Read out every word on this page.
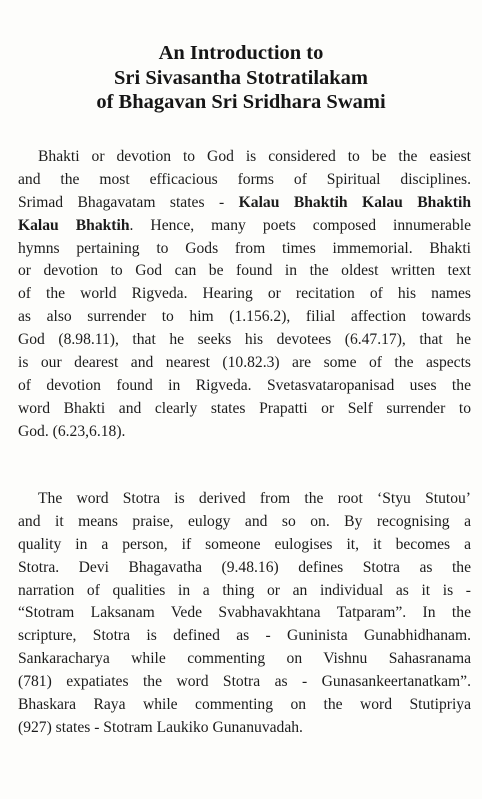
An Introduction to
Sri Sivasantha Stotratilakam
of Bhagavan Sri Sridhara Swami
Bhakti or devotion to God is considered to be the easiest
and the most efficacious forms of Spiritual disciplines.
Srimad Bhagavatam states - Kalau Bhaktih Kalau Bhaktih
Kalau Bhaktih. Hence, many poets composed innumerable
hymns pertaining to Gods from times immemorial. Bhakti
or devotion to God can be found in the oldest written text
of the world Rigveda. Hearing or recitation of his names
as also surrender to him (1.156.2), filial affection towards
God (8.98.11), that he seeks his devotees (6.47.17), that he
is our dearest and nearest (10.82.3) are some of the aspects
of devotion found in Rigveda. Svetasvataropanisad uses the
word Bhakti and clearly states Prapatti or Self surrender to
God. (6.23,6.18).
The word Stotra is derived from the root ‘Styu Stutou’
and it means praise, eulogy and so on. By recognising a
quality in a person, if someone eulogises it, it becomes a
Stotra. Devi Bhagavatha (9.48.16) defines Stotra as the
narration of qualities in a thing or an individual as it is -
“Stotram Laksanam Vede Svabhavakhtana Tatparam”. In the
scripture, Stotra is defined as - Guninista Gunabhidhanam.
Sankaracharya while commenting on Vishnu Sahasranama
(781) expatiates the word Stotra as - Gunasankeertanatkam”.
Bhaskara Raya while commenting on the word Stutipriya
(927) states - Stotram Laukiko Gunanuvadah.
